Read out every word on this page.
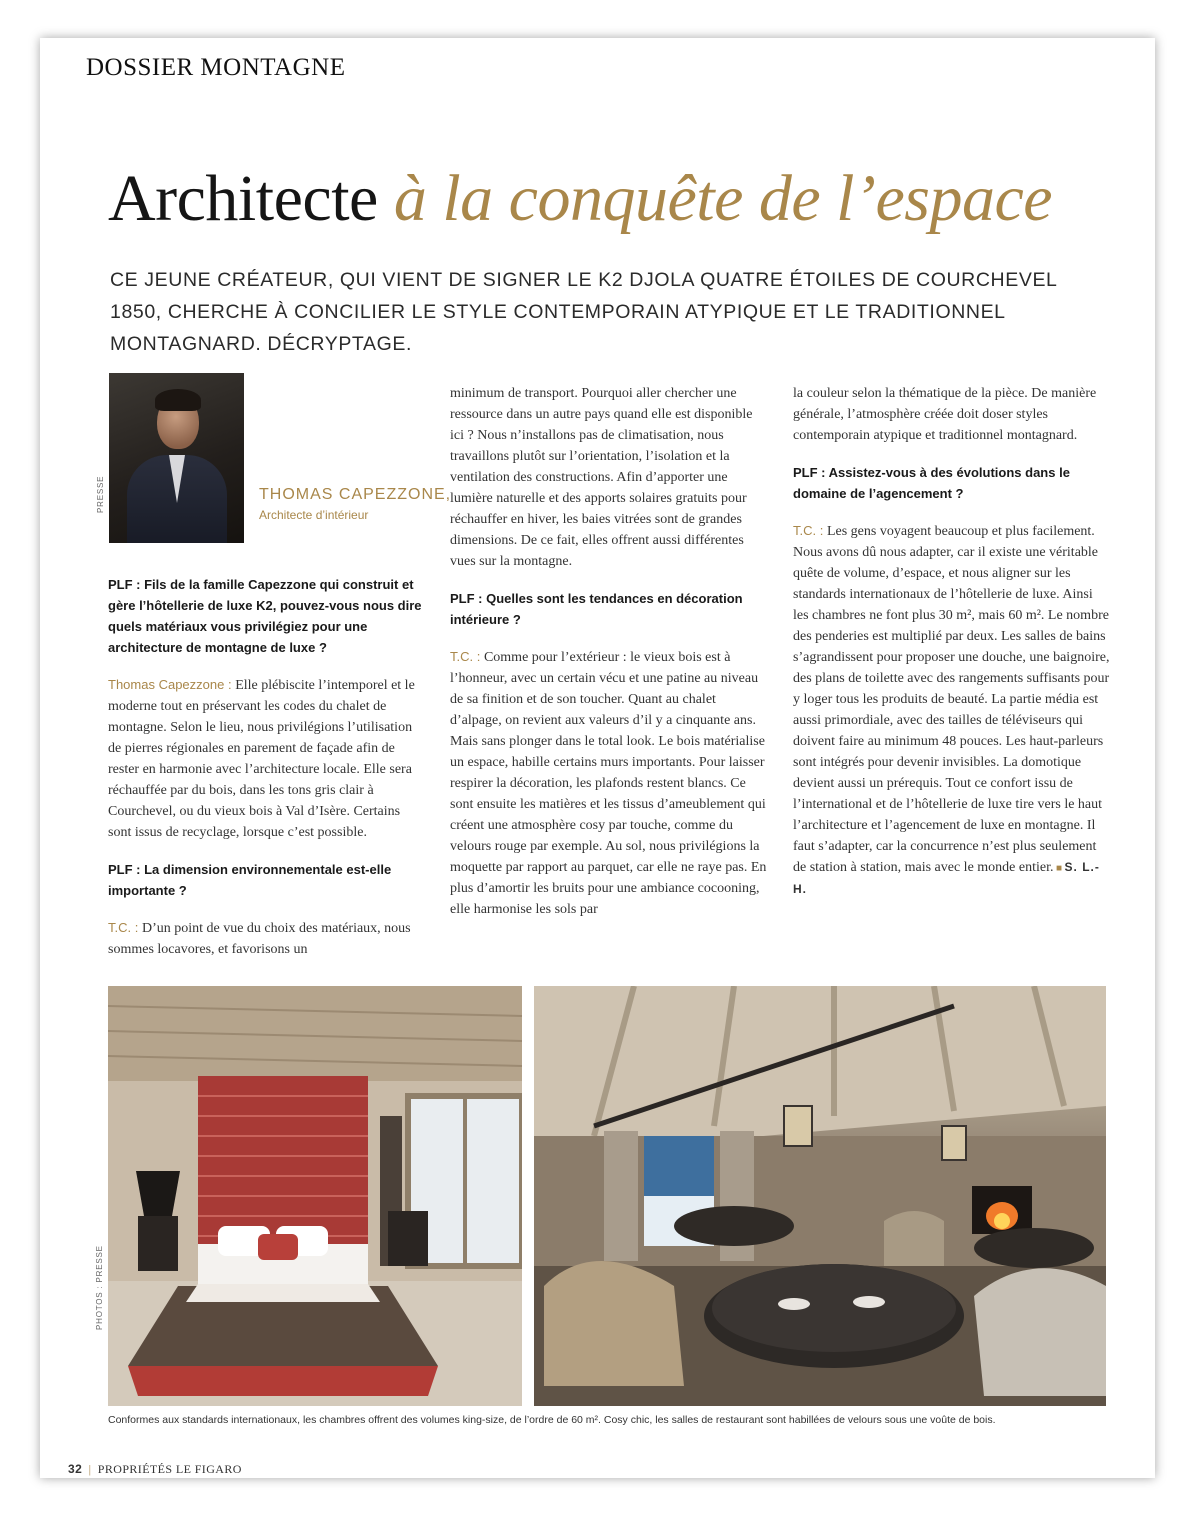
DOSSIER MONTAGNE
Architecte à la conquête de l’espace
CE JEUNE CRÉATEUR, QUI VIENT DE SIGNER LE K2 DJOLA QUATRE ÉTOILES DE COURCHEVEL 1850, CHERCHE À CONCILIER LE STYLE CONTEMPORAIN ATYPIQUE ET LE TRADITIONNEL MONTAGNARD. DÉCRYPTAGE.
PRESSE	THOMAS CAPEZZONE,
Architecte d’intérieur

PLF : Fils de la famille Capezzone qui construit et gère l’hôtellerie de luxe K2, pouvez-vous nous dire quels matériaux vous privilégiez pour une architecture de montagne de luxe ?

Thomas Capezzone : Elle plébiscite l’intemporel et le moderne tout en préservant les codes du chalet de montagne. Selon le lieu, nous privilégions l’utilisation de pierres régionales en parement de façade afin de rester en harmonie avec l’architecture locale. Elle sera réchauffée par du bois, dans les tons gris clair à Courchevel, ou du vieux bois à Val d’Isère. Certains sont issus de recyclage, lorsque c’est possible.

PLF : La dimension environnementale est-elle importante ?

T.C. : D’un point de vue du choix des matériaux, nous sommes locavores, et favorisons un

minimum de transport. Pourquoi aller chercher une ressource dans un autre pays quand elle est disponible ici ? Nous n’installons pas de climatisation, nous travaillons plutôt sur l’orientation, l’isolation et la ventilation des constructions. Afin d’apporter une lumière naturelle et des apports solaires gratuits pour réchauffer en hiver, les baies vitrées sont de grandes dimensions. De ce fait, elles offrent aussi différentes vues sur la montagne.

PLF : Quelles sont les tendances en décoration intérieure ?

T.C. : Comme pour l’extérieur : le vieux bois est à l’honneur, avec un certain vécu et une patine au niveau de sa finition et de son toucher. Quant au chalet d’alpage, on revient aux valeurs d’il y a cinquante ans. Mais sans plonger dans le total look. Le bois matérialise un espace, habille certains murs importants. Pour laisser respirer la décoration, les plafonds restent blancs. Ce sont ensuite les matières et les tissus d’ameublement qui créent une atmosphère cosy par touche, comme du velours rouge par exemple. Au sol, nous privilégions la moquette par rapport au parquet, car elle ne raye pas. En plus d’amortir les bruits pour une ambiance cocooning, elle harmonise les sols par

la couleur selon la thématique de la pièce. De manière générale, l’atmosphère créée doit doser styles contemporain atypique et traditionnel montagnard.

PLF : Assistez-vous à des évolutions dans le domaine de l’agencement ?

T.C. : Les gens voyagent beaucoup et plus facilement. Nous avons dû nous adapter, car il existe une véritable quête de volume, d’espace, et nous aligner sur les standards internationaux de l’hôtellerie de luxe. Ainsi les chambres ne font plus 30 m², mais 60 m². Le nombre des penderies est multiplié par deux. Les salles de bains s’agrandissent pour proposer une douche, une baignoire, des plans de toilette avec des rangements suffisants pour y loger tous les produits de beauté. La partie média est aussi primordiale, avec des tailles de téléviseurs qui doivent faire au minimum 48 pouces. Les haut-parleurs sont intégrés pour devenir invisibles. La domotique devient aussi un prérequis. Tout ce confort issu de l’international et de l’hôtellerie de luxe tire vers le haut l’architecture et l’agencement de luxe en montagne. Il faut s’adapter, car la concurrence n’est plus seulement de station à station, mais avec le monde entier. ■ S. L.-H.

PHOTOS : PRESSE
Conformes aux standards internationaux, les chambres offrent des volumes king-size, de l’ordre de 60 m². Cosy chic, les salles de restaurant sont habillées de velours sous une voûte de bois.
32 | PROPRIÉTÉS LE FIGARO
